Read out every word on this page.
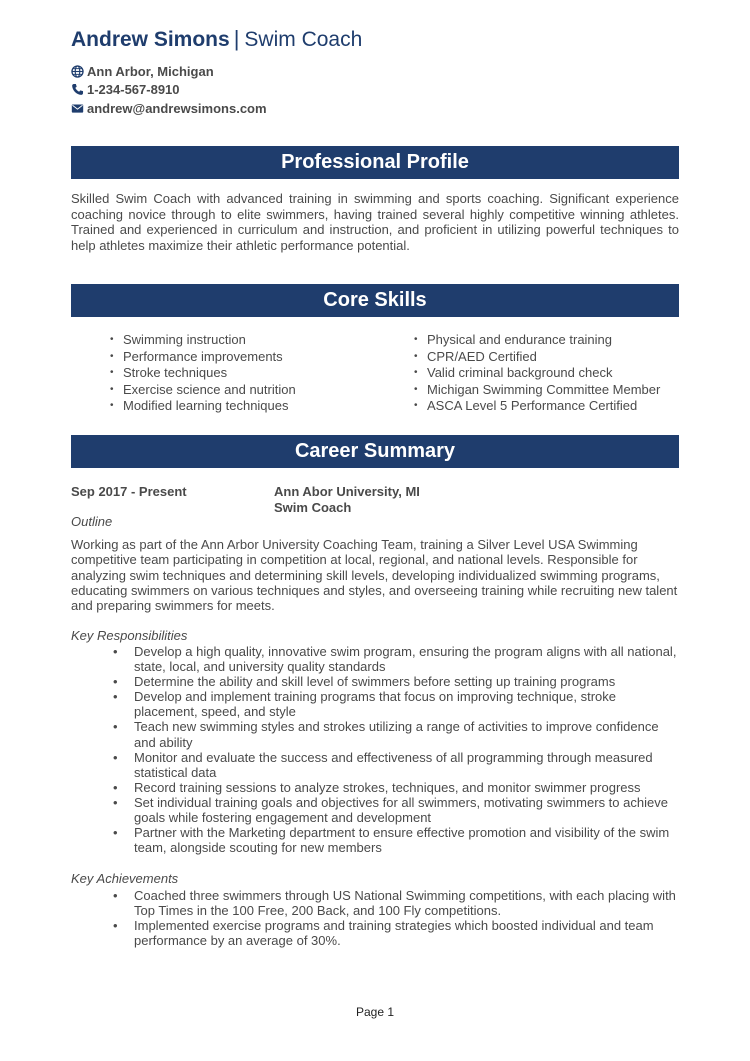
Andrew Simons | Swim Coach
Ann Arbor, Michigan
1-234-567-8910
andrew@andrewsimons.com
Professional Profile

Skilled Swim Coach with advanced training in swimming and sports coaching. Significant experience coaching novice through to elite swimmers, having trained several highly competitive winning athletes. Trained and experienced in curriculum and instruction, and proficient in utilizing powerful techniques to help athletes maximize their athletic performance potential.

Core Skills
• Swimming instruction
• Performance improvements
• Stroke techniques
• Exercise science and nutrition
• Modified learning techniques
• Physical and endurance training
• CPR/AED Certified
• Valid criminal background check
• Michigan Swimming Committee Member
• ASCA Level 5 Performance Certified
Career Summary
Sep 2017 - Present	Ann Abor University, MI
Swim Coach
Outline

Working as part of the Ann Arbor University Coaching Team, training a Silver Level USA Swimming competitive team participating in competition at local, regional, and national levels. Responsible for analyzing swim techniques and determining skill levels, developing individualized swimming programs, educating swimmers on various techniques and styles, and overseeing training while recruiting new talent and preparing swimmers for meets.

Key Responsibilities
• Develop a high quality, innovative swim program, ensuring the program aligns with all national, state, local, and university quality standards
• Determine the ability and skill level of swimmers before setting up training programs
• Develop and implement training programs that focus on improving technique, stroke placement, speed, and style
• Teach new swimming styles and strokes utilizing a range of activities to improve confidence and ability
• Monitor and evaluate the success and effectiveness of all programming through measured statistical data
• Record training sessions to analyze strokes, techniques, and monitor swimmer progress
• Set individual training goals and objectives for all swimmers, motivating swimmers to achieve goals while fostering engagement and development
• Partner with the Marketing department to ensure effective promotion and visibility of the swim team, alongside scouting for new members
Key Achievements
• Coached three swimmers through US National Swimming competitions, with each placing with Top Times in the 100 Free, 200 Back, and 100 Fly competitions.
• Implemented exercise programs and training strategies which boosted individual and team performance by an average of 30%.
Page 1
